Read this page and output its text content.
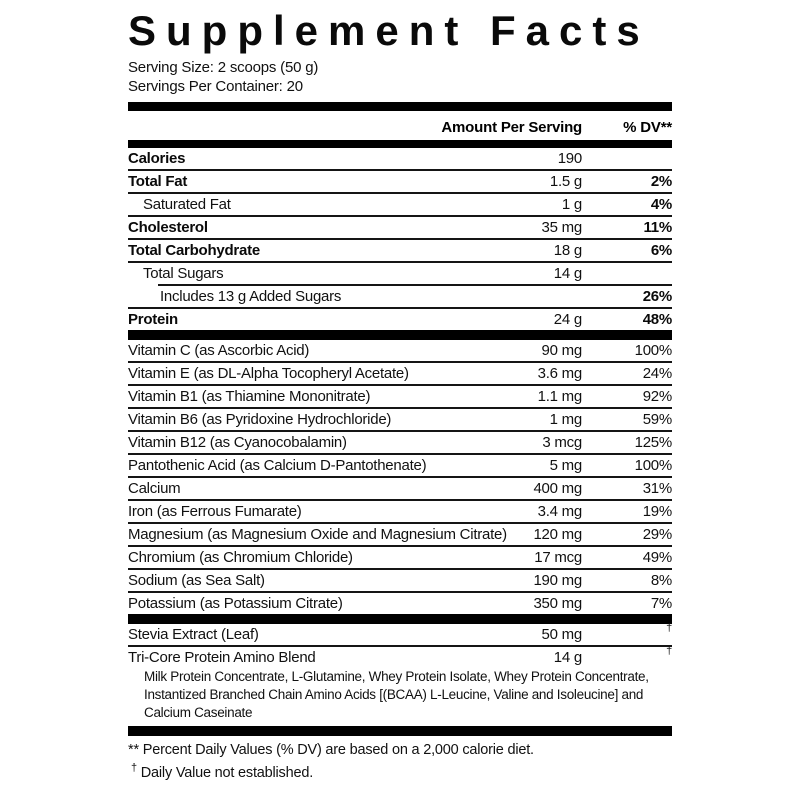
Supplement Facts
Serving Size: 2 scoops (50 g)
Servings Per Container: 20
Amount Per Serving	% DV**
Calories	190
Total Fat	1.5 g	2%
Saturated Fat	1 g	4%
Cholesterol	35 mg	11%
Total Carbohydrate	18 g	6%
Total Sugars	14 g
Includes 13 g Added Sugars	26%
Protein	24 g	48%
Vitamin C (as Ascorbic Acid)	90 mg	100%
Vitamin E (as DL-Alpha Tocopheryl Acetate)	3.6 mg	24%
Vitamin B1 (as Thiamine Mononitrate)	1.1 mg	92%
Vitamin B6 (as Pyridoxine Hydrochloride)	1 mg	59%
Vitamin B12 (as Cyanocobalamin)	3 mcg	125%
Pantothenic Acid (as Calcium D-Pantothenate)	5 mg	100%
Calcium	400 mg	31%
Iron (as Ferrous Fumarate)	3.4 mg	19%
Magnesium (as Magnesium Oxide and Magnesium Citrate)	120 mg	29%
Chromium (as Chromium Chloride)	17 mcg	49%
Sodium (as Sea Salt)	190 mg	8%
Potassium (as Potassium Citrate)	350 mg	7%
Stevia Extract (Leaf)	50 mg	†
Tri-Core Protein Amino Blend	14 g	†
Milk Protein Concentrate, L-Glutamine, Whey Protein Isolate, Whey Protein Concentrate,
Instantized Branched Chain Amino Acids [(BCAA) L-Leucine, Valine and Isoleucine] and
Calcium Caseinate
** Percent Daily Values (% DV) are based on a 2,000 calorie diet.
† Daily Value not established.
